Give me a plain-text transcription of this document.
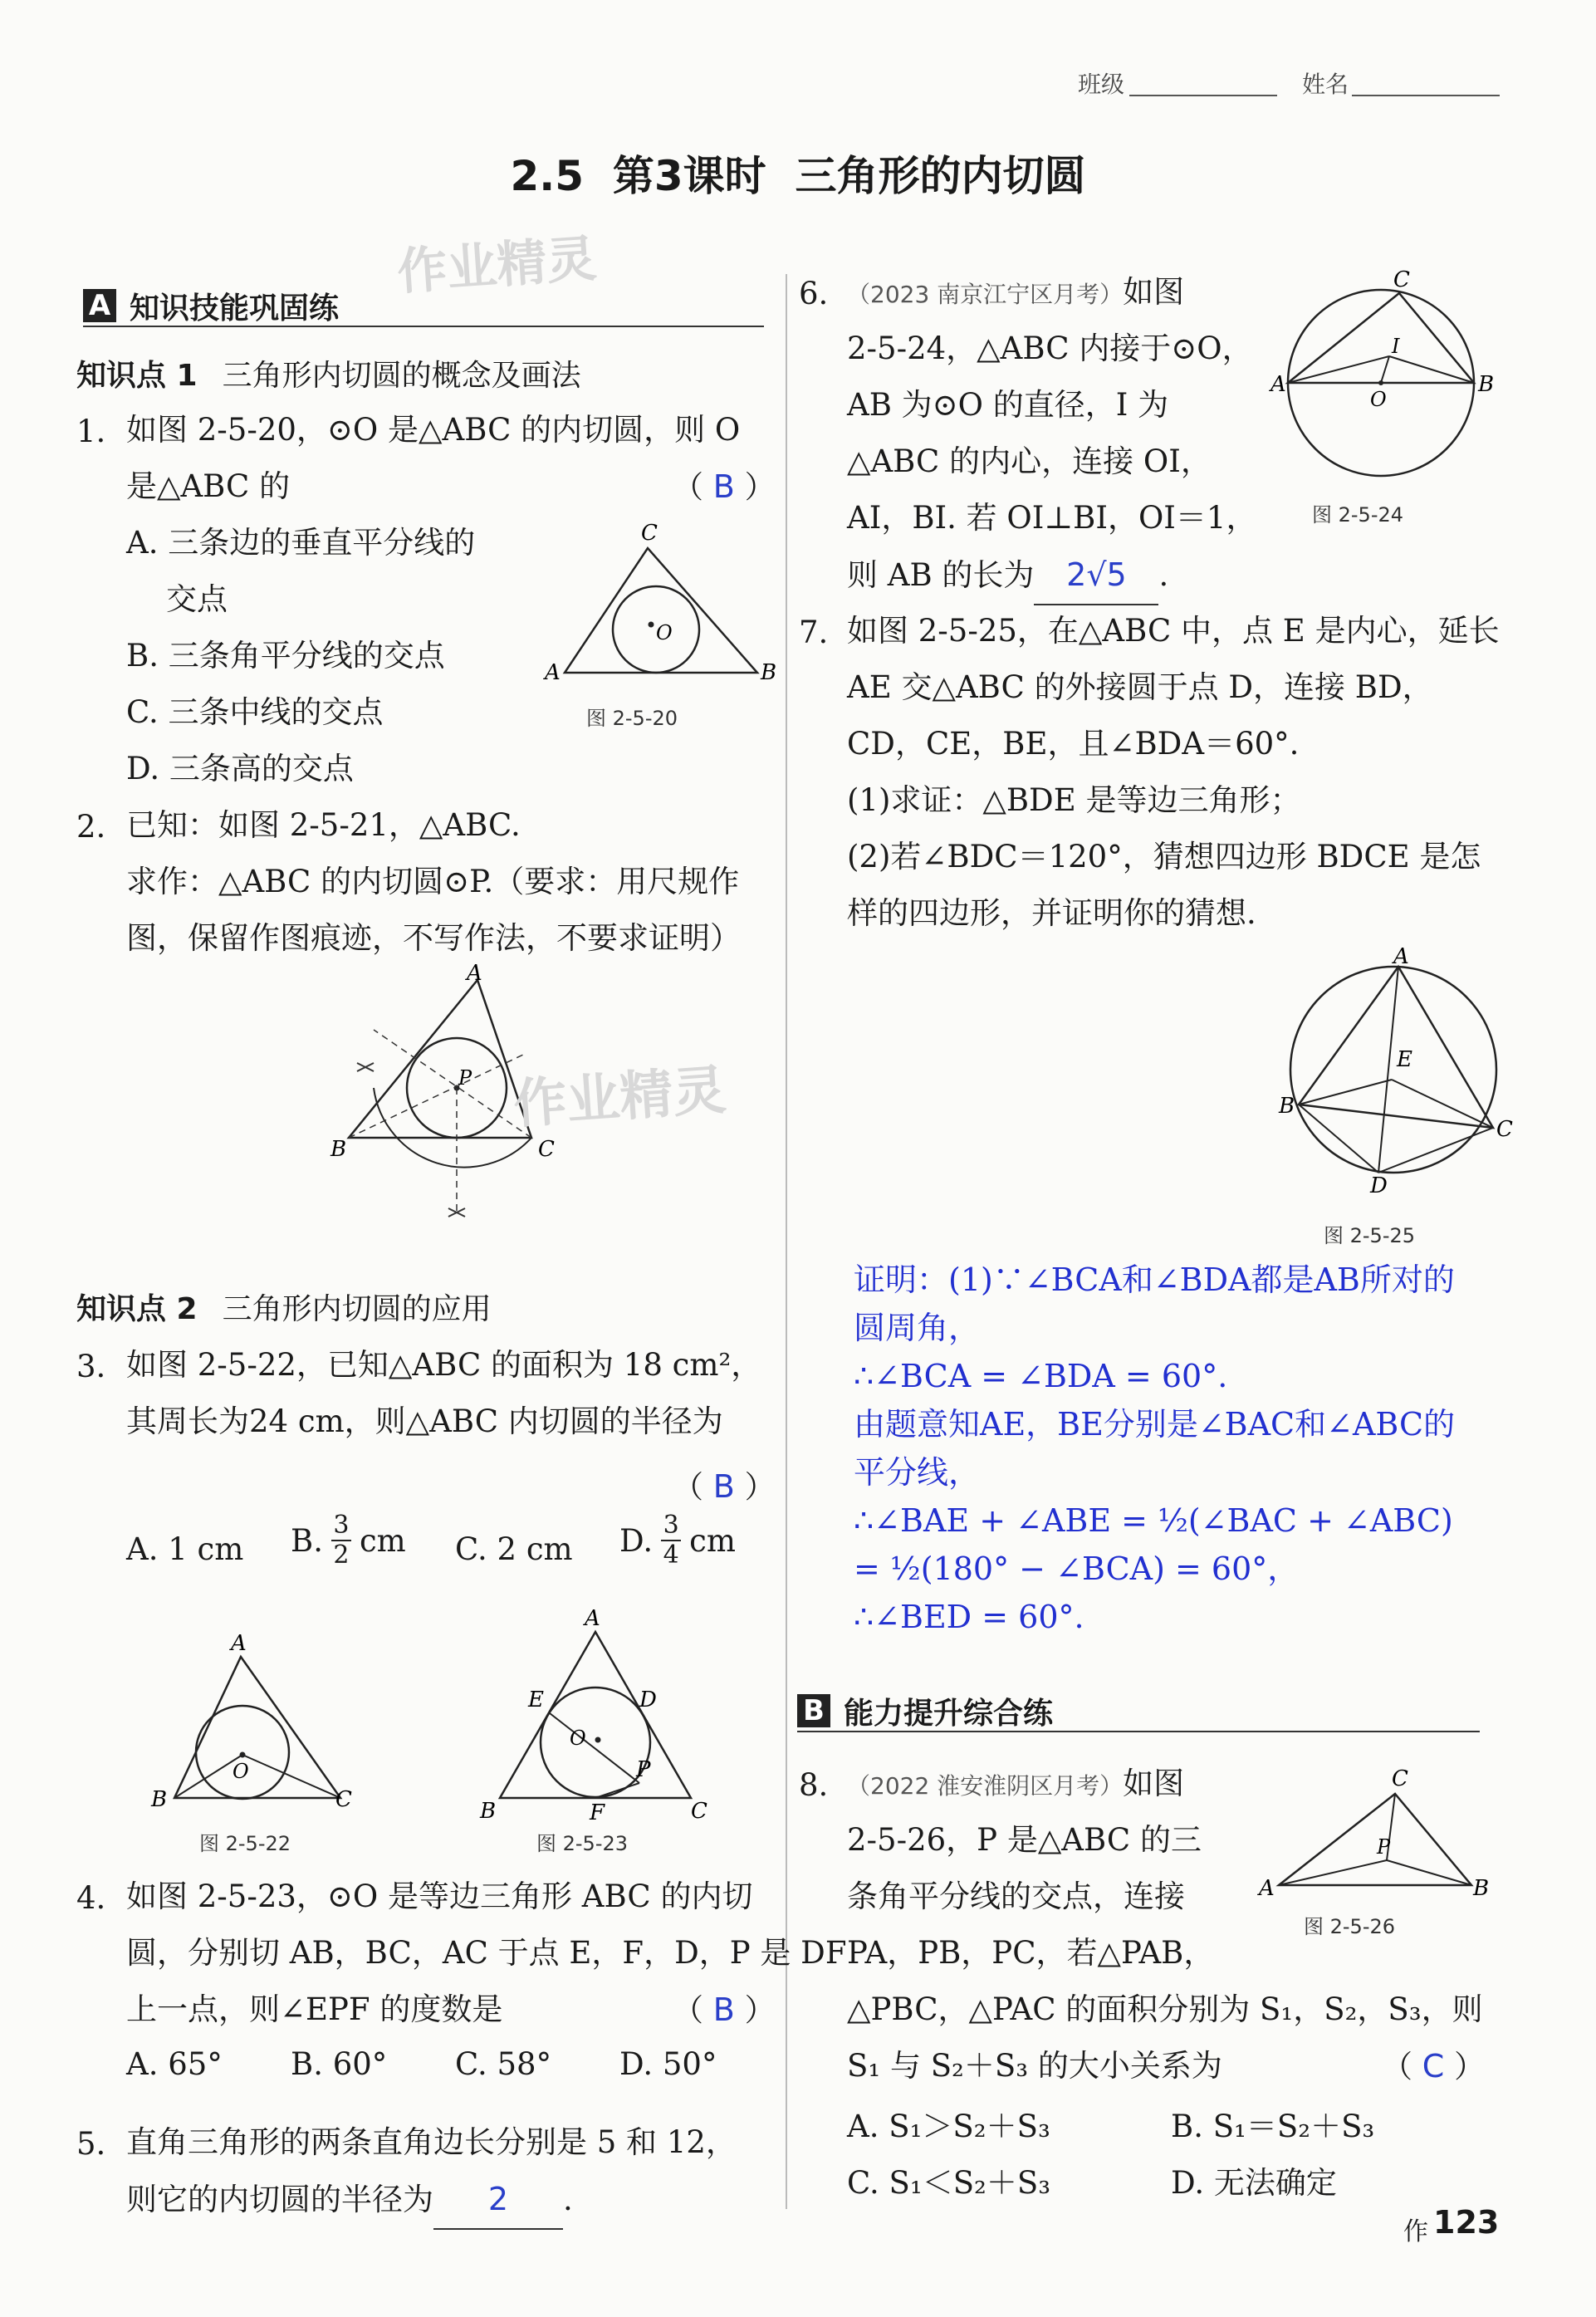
班级	姓名
2.5  第3课时  三角形的内切圆
作业精灵
A 知识技能巩固练
知识点 1 三角形内切圆的概念及画法
1. 如图 2-5-20，⊙O 是△ABC 的内切圆，则 O
是△ABC 的	（ B ）
A. 三条边的垂直平分线的
交点
B. 三条角平分线的交点
C. 三条中线的交点
D. 三条高的交点
C
A	B
O
图 2-5-20
2. 已知：如图 2-5-21，△ABC.
求作：△ABC 的内切圆⊙P.（要求：用尺规作
图，保留作图痕迹，不写作法，不要求证明）
A
B	C
P 作业精灵
知识点 2 三角形内切圆的应用
3. 如图 2-5-22，已知△ABC 的面积为 18 cm²，
其周长为24 cm，则△ABC 内切圆的半径为
（ B ）
A. 1 cm B. 3
2 cm C. 2 cm D. 3
4 cm
A
B	C
O
图 2-5-22
A
E	D
O
P
B	F	C
图 2-5-23
4. 如图 2-5-23，⊙O 是等边三角形 ABC 的内切
圆，分别切 AB，BC，AC 于点 E，F，D，P 是 DF
上一点，则∠EPF 的度数是	（ B ）
A. 65° B. 60° C. 58° D. 50°
5. 直角三角形的两条直角边长分别是 5 和 12，
则它的内切圆的半径为 2 .
6. （2023 南京江宁区月考）如图
2-5-24，△ABC 内接于⊙O，
AB 为⊙O 的直径，I 为
△ABC 的内心，连接 OI，
AI，BI. 若 OI⊥BI，OI＝1，
则 AB 的长为 2√5 .
C
A	B
O
I
图 2-5-24
7. 如图 2-5-25，在△ABC 中，点 E 是内心，延长
AE 交△ABC 的外接圆于点 D，连接 BD，
CD，CE，BE，且∠BDA＝60°.
(1)求证：△BDE 是等边三角形；
(2)若∠BDC＝120°，猜想四边形 BDCE 是怎
样的四边形，并证明你的猜想.
A
B
C
E
D
图 2-5-25
证明：(1)∵∠BCA和∠BDA都是AB所对的
圆周角，
∴∠BCA = ∠BDA = 60°.
由题意知AE，BE分别是∠BAC和∠ABC的
平分线，
∴∠BAE + ∠ABE = ½(∠BAC + ∠ABC)
= ½(180° − ∠BCA) = 60°，
∴∠BED = 60°.
B 能力提升综合练
8. （2022 淮安淮阴区月考）如图
2-5-26，P 是△ABC 的三
条角平分线的交点，连接
PA，PB，PC，若△PAB，
△PBC，△PAC 的面积分别为 S₁，S₂，S₃，则
S₁ 与 S₂＋S₃ 的大小关系为	（ C ）
C
A	B
P
图 2-5-26
A. S₁＞S₂＋S₃	B. S₁＝S₂＋S₃
C. S₁＜S₂＋S₃	D. 无法确定
作 123
